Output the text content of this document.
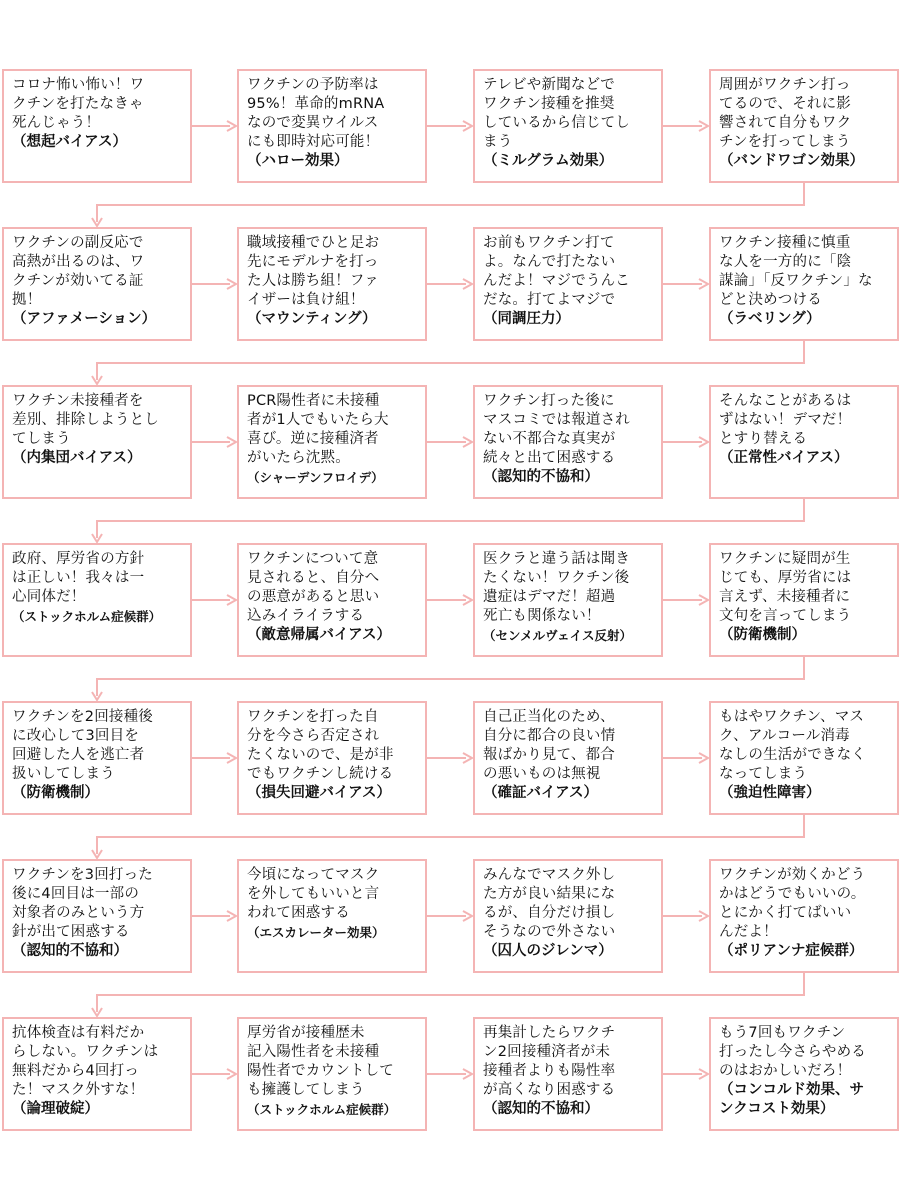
コロナ怖い怖い！ワ
クチンを打たなきゃ
死んじゃう！
（想起バイアス）
ワクチンの予防率は
95%！革命的mRNA
なので変異ウイルス
にも即時対応可能！
（ハロー効果）
テレビや新聞などで
ワクチン接種を推奨
しているから信じてし
まう
（ミルグラム効果）
周囲がワクチン打っ
てるので、それに影
響されて自分もワク
チンを打ってしまう
（バンドワゴン効果）
ワクチンの副反応で
高熱が出るのは、ワ
クチンが効いてる証
拠！
（アファメーション）
職域接種でひと足お
先にモデルナを打っ
た人は勝ち組！ファ
イザーは負け組！
（マウンティング）
お前もワクチン打て
よ。なんで打たない
んだよ！マジでうんこ
だな。打てよマジで
（同調圧力）
ワクチン接種に慎重
な人を一方的に「陰
謀論」「反ワクチン」な
どと決めつける
（ラベリング）
ワクチン未接種者を
差別、排除しようとし
てしまう
（内集団バイアス）
PCR陽性者に未接種
者が1人でもいたら大
喜び。逆に接種済者
がいたら沈黙。
（シャーデンフロイデ）
ワクチン打った後に
マスコミでは報道され
ない不都合な真実が
続々と出て困惑する
（認知的不協和）
そんなことがあるは
ずはない！デマだ！
とすり替える
（正常性バイアス）
政府、厚労省の方針
は正しい！我々は一
心同体だ！
（ストックホルム症候群）
ワクチンについて意
見されると、自分へ
の悪意があると思い
込みイライラする
（敵意帰属バイアス）
医クラと違う話は聞き
たくない！ワクチン後
遺症はデマだ！超過
死亡も関係ない！
（センメルヴェイス反射）
ワクチンに疑問が生
じても、厚労省には
言えず、未接種者に
文句を言ってしまう
（防衛機制）
ワクチンを2回接種後
に改心して3回目を
回避した人を逃亡者
扱いしてしまう
（防衛機制）
ワクチンを打った自
分を今さら否定され
たくないので、是が非
でもワクチンし続ける
（損失回避バイアス）
自己正当化のため、
自分に都合の良い情
報ばかり見て、都合
の悪いものは無視
（確証バイアス）
もはやワクチン、マス
ク、アルコール消毒
なしの生活ができなく
なってしまう
（強迫性障害）
ワクチンを3回打った
後に4回目は一部の
対象者のみという方
針が出て困惑する
（認知的不協和）
今頃になってマスク
を外してもいいと言
われて困惑する
（エスカレーター効果）
みんなでマスク外し
た方が良い結果にな
るが、自分だけ損し
そうなので外さない
（囚人のジレンマ）
ワクチンが効くかどう
かはどうでもいいの。
とにかく打てばいい
んだよ！
（ポリアンナ症候群）
抗体検査は有料だか
らしない。ワクチンは
無料だから4回打っ
た！マスク外すな！
（論理破綻）
厚労省が接種歴未
記入陽性者を未接種
陽性者でカウントして
も擁護してしまう
（ストックホルム症候群）
再集計したらワクチ
ン2回接種済者が未
接種者よりも陽性率
が高くなり困惑する
（認知的不協和）
もう7回もワクチン
打ったし今さらやめる
のはおかしいだろ！
（コンコルド効果、サ
ンクコスト効果）
